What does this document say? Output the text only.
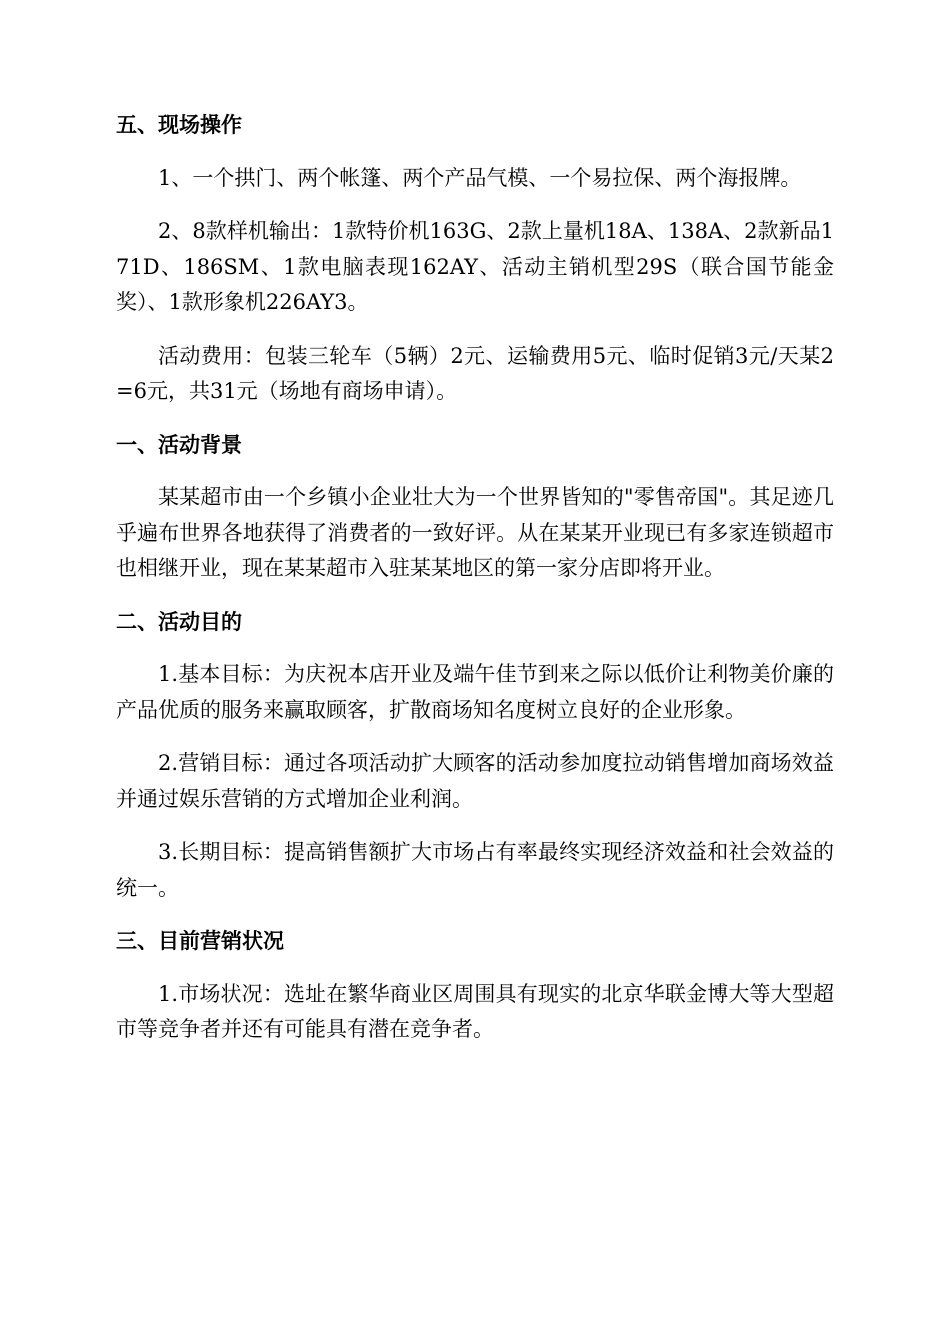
五、现场操作

1、一个拱门、两个帐篷、两个产品气模、一个易拉保、两个海报牌。

2、8款样机输出：1款特价机163G、2款上量机18A、138A、2款新品171D、186SM、1款电脑表现162AY、活动主销机型29S（联合国节能金奖）、1款形象机226AY3。

活动费用：包装三轮车（5辆）2元、运输费用5元、临时促销3元/天某2=6元，共31元（场地有商场申请）。

一、活动背景

某某超市由一个乡镇小企业壮大为一个世界皆知的"零售帝国"。其足迹几乎遍布世界各地获得了消费者的一致好评。从在某某开业现已有多家连锁超市也相继开业，现在某某超市入驻某某地区的第一家分店即将开业。

二、活动目的

1.基本目标：为庆祝本店开业及端午佳节到来之际以低价让利物美价廉的产品优质的服务来赢取顾客，扩散商场知名度树立良好的企业形象。

2.营销目标：通过各项活动扩大顾客的活动参加度拉动销售增加商场效益并通过娱乐营销的方式增加企业利润。

3.长期目标：提高销售额扩大市场占有率最终实现经济效益和社会效益的统一。

三、目前营销状况

1.市场状况：选址在繁华商业区周围具有现实的北京华联金博大等大型超市等竞争者并还有可能具有潜在竞争者。
